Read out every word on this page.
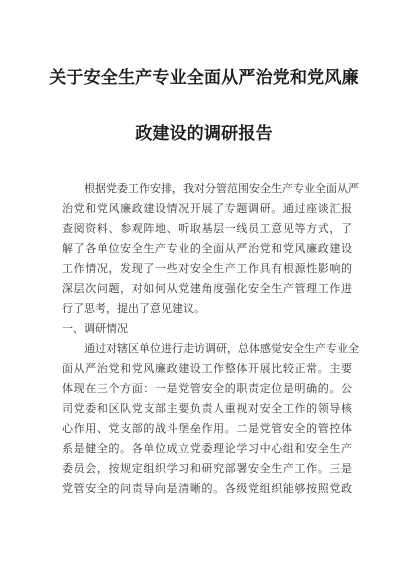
关于安全生产专业全面从严治党和党风廉
政建设的调研报告
根据党委工作安排，我对分管范围安全生产专业全面从严
治党和党风廉政建设情况开展了专题调研。通过座谈汇报
查阅资料、参观阵地、听取基层一线员工意见等方式，了
解了各单位安全生产专业的全面从严治党和党风廉政建设
工作情况，发现了一些对安全生产工作具有根源性影响的
深层次问题，对如何从党建角度强化安全生产管理工作进
行了思考，提出了意见建议。
一、调研情况
通过对辖区单位进行走访调研，总体感觉安全生产专业全
面从严治党和党风廉政建设工作整体开展比较正常。主要
体现在三个方面：一是党管安全的职责定位是明确的。公
司党委和区队党支部主要负责人重视对安全工作的领导核
心作用、党支部的战斗堡垒作用。二是党管安全的管控体
系是健全的。各单位成立党委理论学习中心组和安全生产
委员会，按规定组织学习和研究部署安全生产工作。三是
党管安全的问责导向是清晰的。各级党组织能够按照党政
